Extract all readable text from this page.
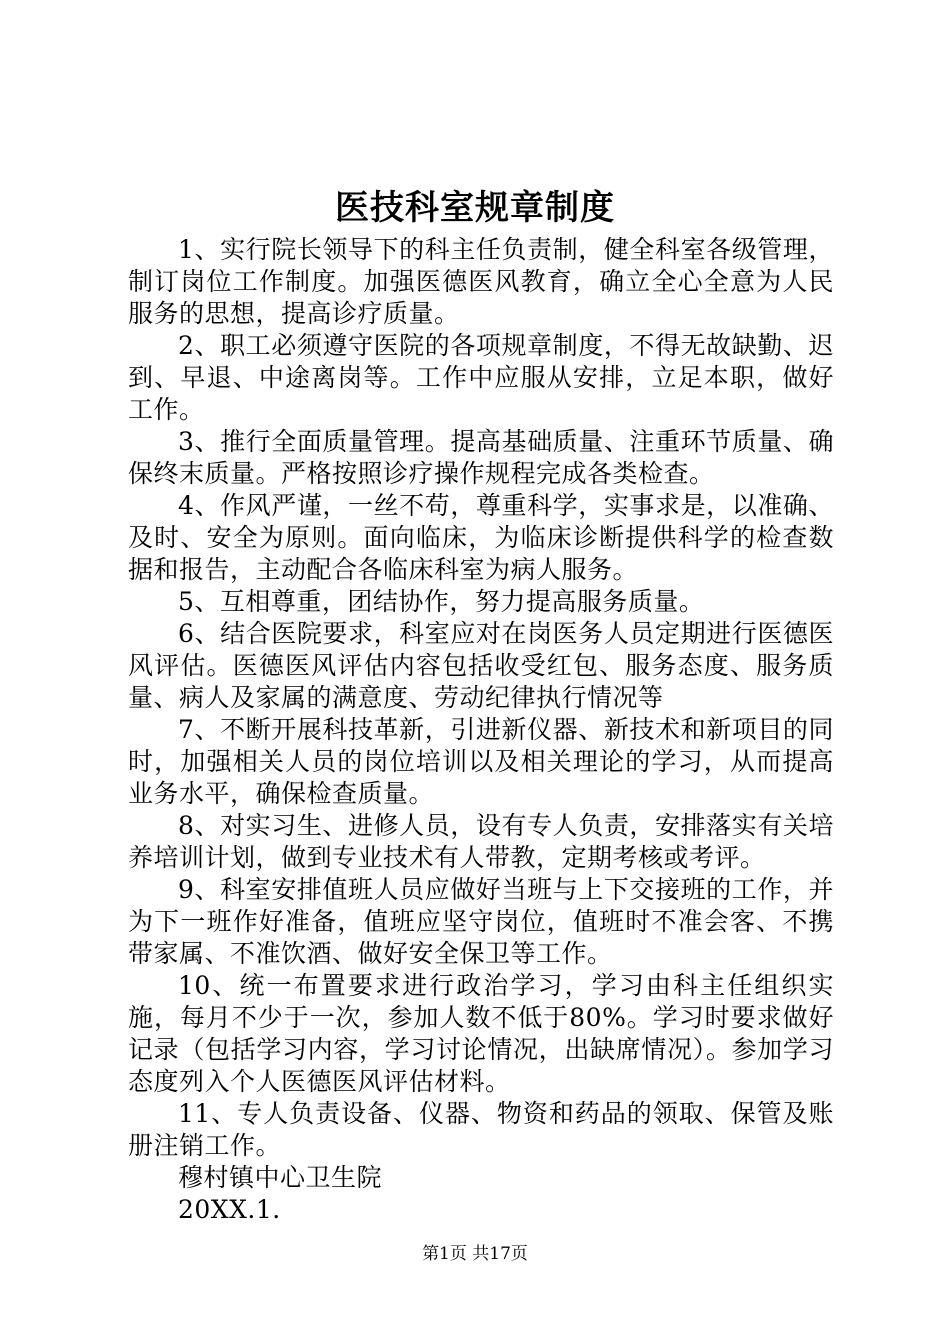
医技科室规章制度

1、实行院长领导下的科主任负责制，健全科室各级管理，制订岗位工作制度。加强医德医风教育，确立全心全意为人民服务的思想，提高诊疗质量。

2、职工必须遵守医院的各项规章制度，不得无故缺勤、迟到、早退、中途离岗等。工作中应服从安排，立足本职，做好工作。

3、推行全面质量管理。提高基础质量、注重环节质量、确保终末质量。严格按照诊疗操作规程完成各类检查。

4、作风严谨，一丝不苟，尊重科学，实事求是，以准确、及时、安全为原则。面向临床，为临床诊断提供科学的检查数据和报告，主动配合各临床科室为病人服务。

5、互相尊重，团结协作，努力提高服务质量。

6、结合医院要求，科室应对在岗医务人员定期进行医德医风评估。医德医风评估内容包括收受红包、服务态度、服务质量、病人及家属的满意度、劳动纪律执行情况等

7、不断开展科技革新，引进新仪器、新技术和新项目的同时，加强相关人员的岗位培训以及相关理论的学习，从而提高业务水平，确保检查质量。

8、对实习生、进修人员，设有专人负责，安排落实有关培养培训计划，做到专业技术有人带教，定期考核或考评。

9、科室安排值班人员应做好当班与上下交接班的工作，并为下一班作好准备，值班应坚守岗位，值班时不准会客、不携带家属、不准饮酒、做好安全保卫等工作。

10、统一布置要求进行政治学习，学习由科主任组织实施，每月不少于一次，参加人数不低于80%。学习时要求做好记录（包括学习内容，学习讨论情况，出缺席情况）。参加学习态度列入个人医德医风评估材料。

11、专人负责设备、仪器、物资和药品的领取、保管及账册注销工作。

穆村镇中心卫生院

20XX.1.

第1页 共17页
